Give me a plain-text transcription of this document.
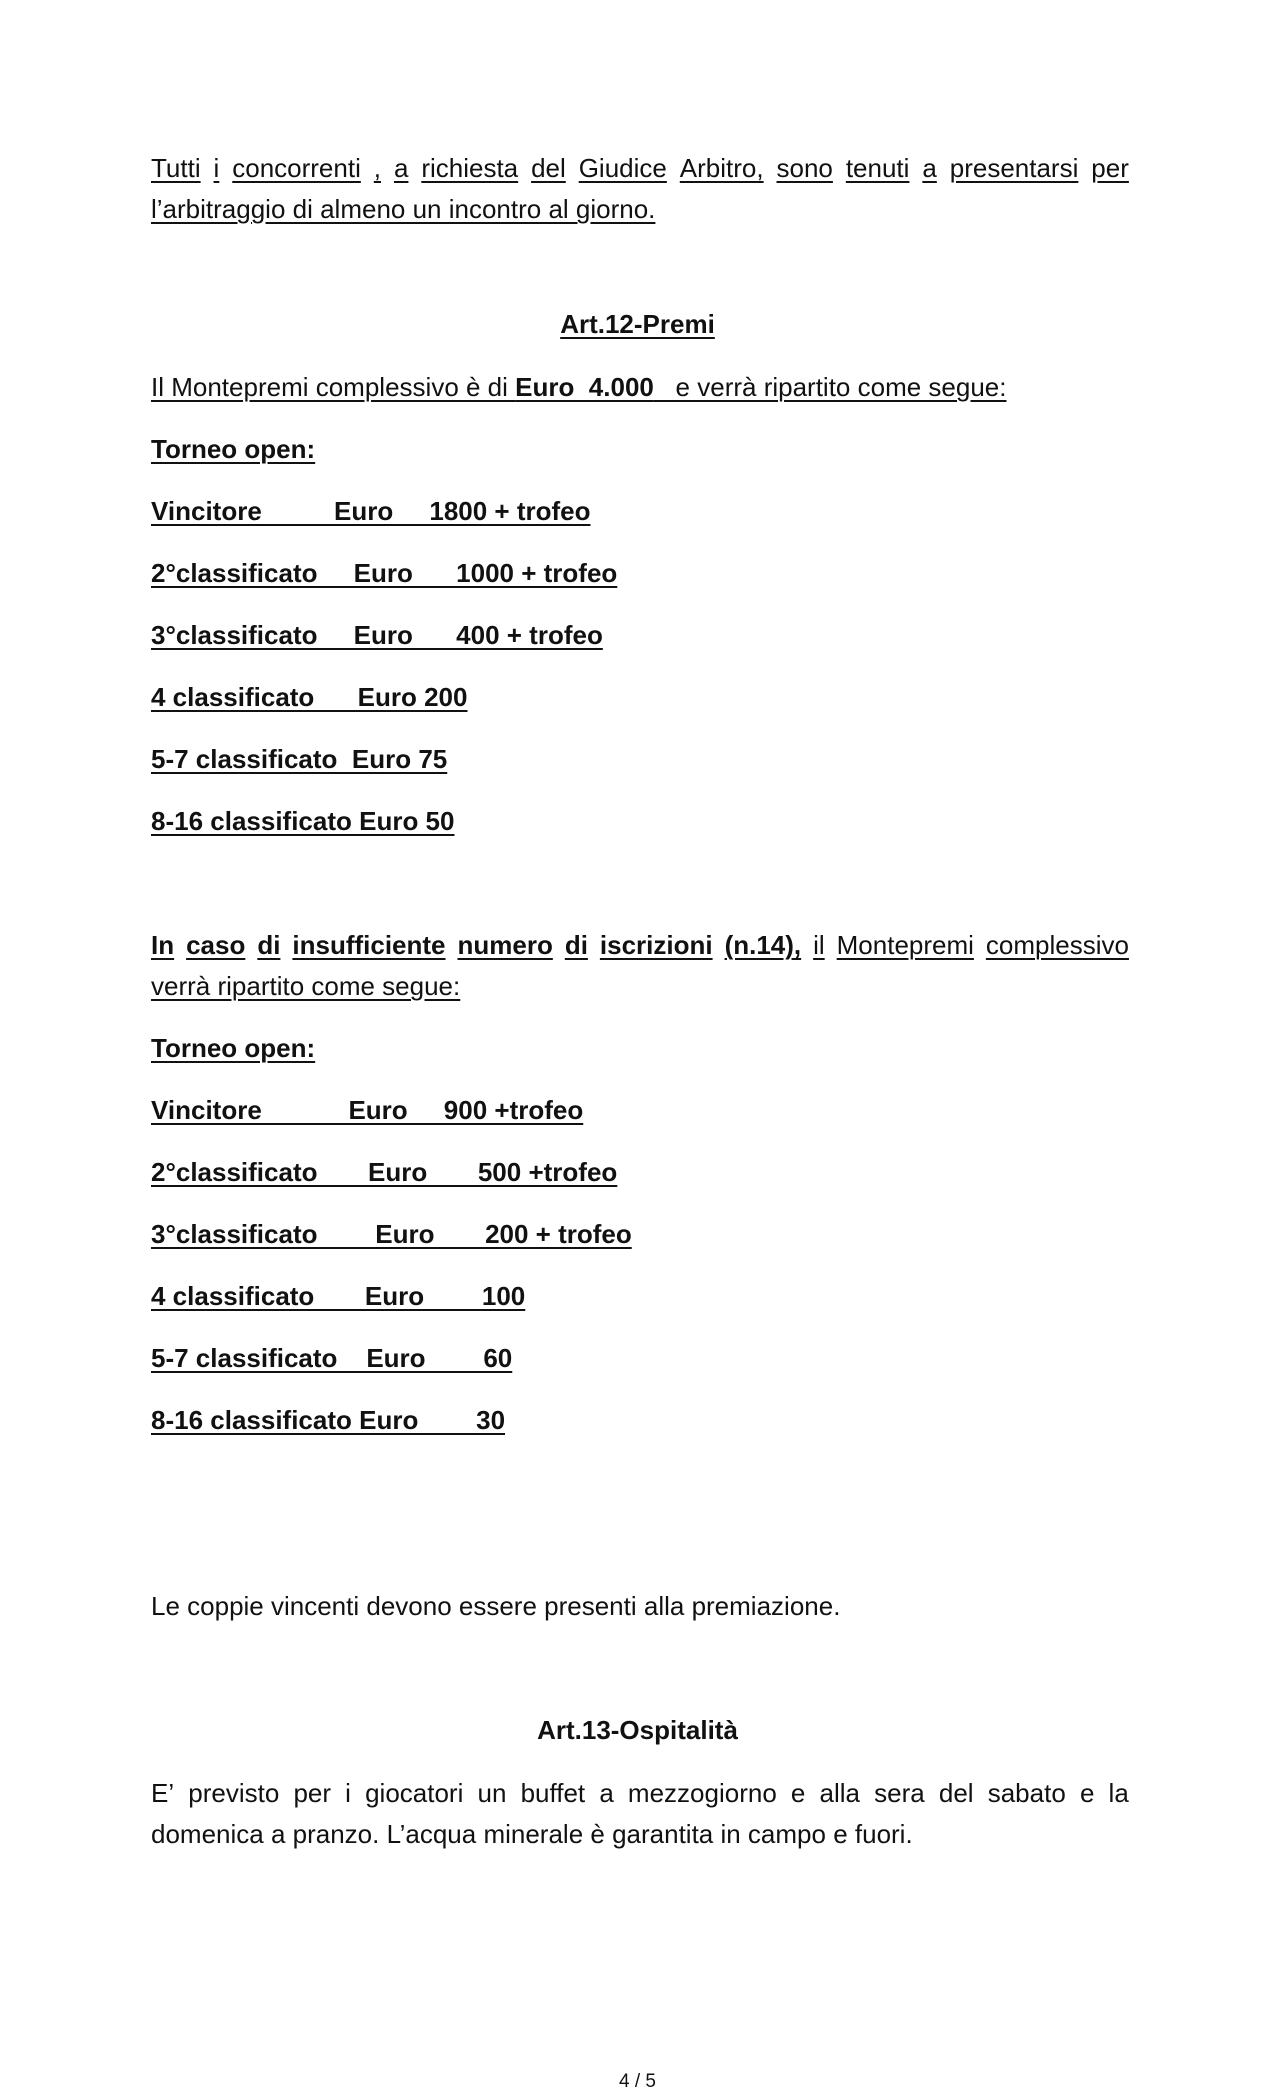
Tutti i concorrenti , a richiesta del Giudice Arbitro, sono tenuti a presentarsi per
l’arbitraggio di almeno un incontro al giorno.
Art.12-Premi
Il Montepremi complessivo è di Euro  4.000   e verrà ripartito come segue:
Torneo open:
Vincitore          Euro     1800 + trofeo
2°classificato     Euro      1000 + trofeo
3°classificato     Euro      400 + trofeo
4 classificato      Euro 200
5-7 classificato  Euro 75
8-16 classificato Euro 50
In caso di insufficiente numero di iscrizioni (n.14), il Montepremi complessivo
verrà ripartito come segue:
Torneo open:
Vincitore            Euro     900 +trofeo
2°classificato       Euro       500 +trofeo
3°classificato        Euro       200 + trofeo
4 classificato       Euro        100
5-7 classificato    Euro        60
8-16 classificato Euro        30
Le coppie vincenti devono essere presenti alla premiazione.
Art.13-Ospitalità
E’ previsto per i giocatori un buffet a mezzogiorno e alla sera del sabato e la
domenica a pranzo. L’acqua minerale è garantita in campo e fuori.
4 / 5
